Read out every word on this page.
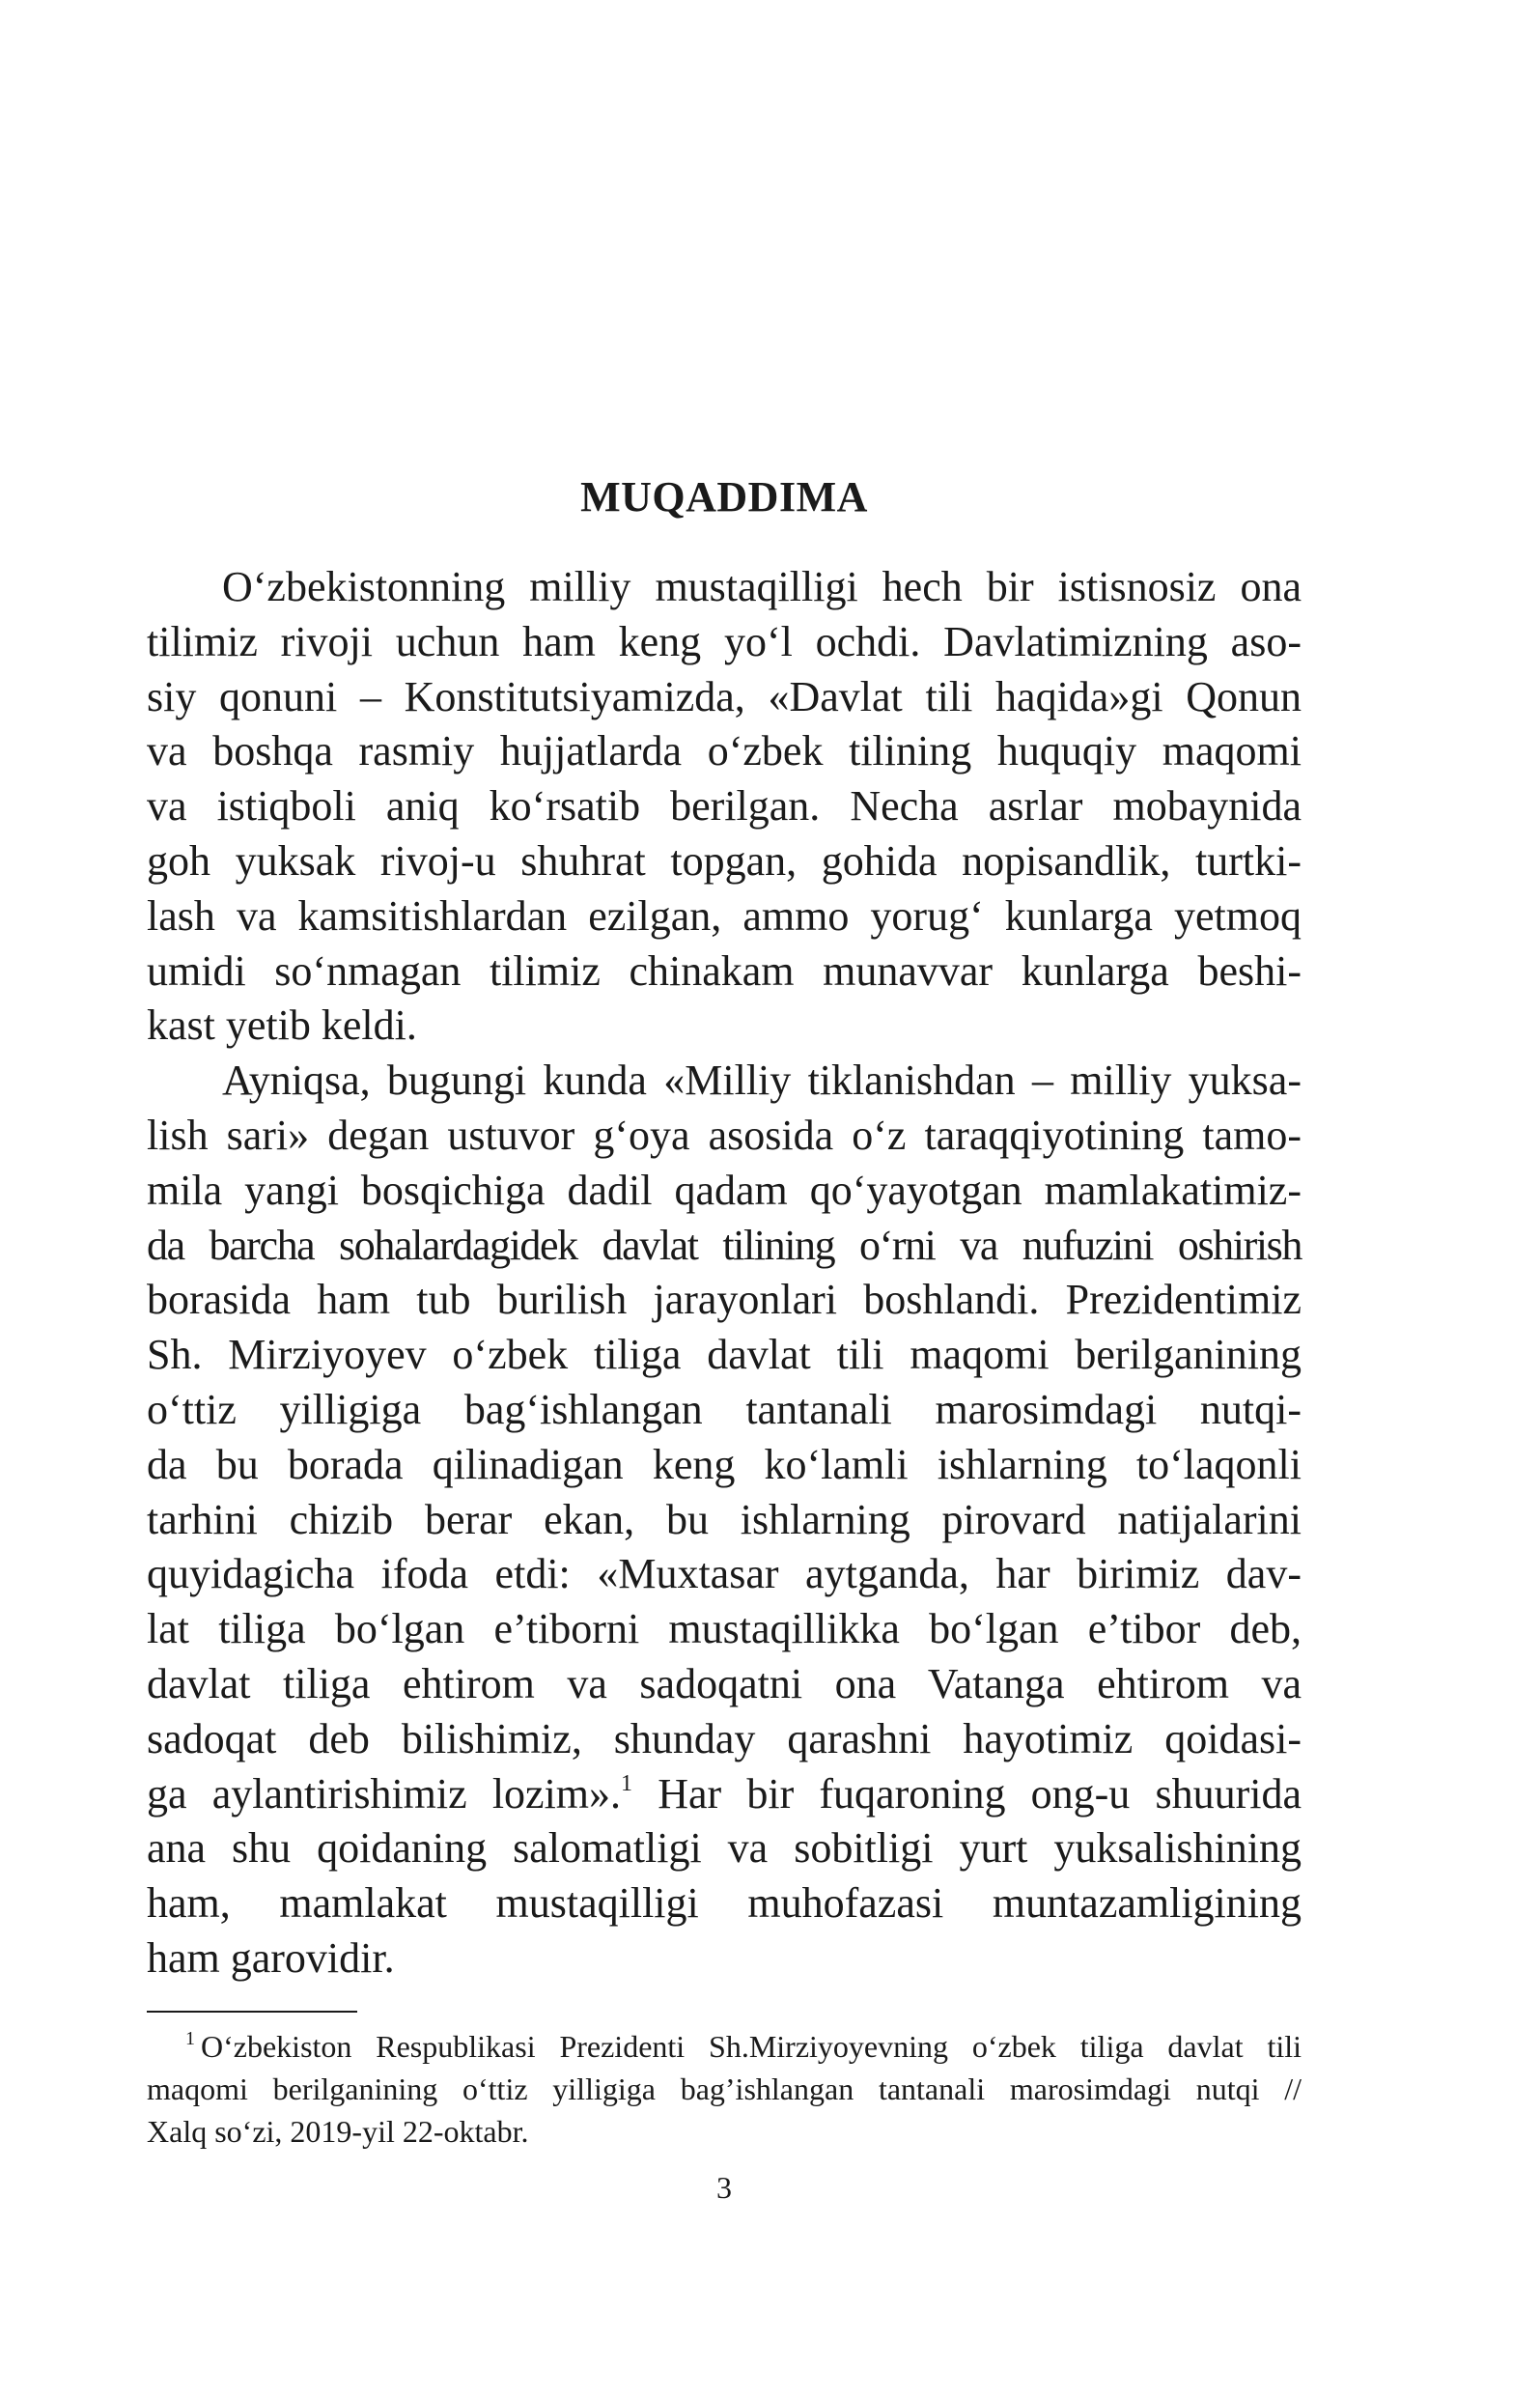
MUQADDIMA
O‘zbekistonning milliy mustaqilligi hech bir istisnosiz ona
tilimiz rivoji uchun ham keng yo‘l ochdi. Davlatimizning aso-
siy qonuni – Konstitutsiyamizda, «Davlat tili haqida»gi Qonun
va boshqa rasmiy hujjatlarda o‘zbek tilining huquqiy maqomi
va istiqboli aniq ko‘rsatib berilgan. Necha asrlar mobaynida
goh yuksak rivoj-u shuhrat topgan, gohida nopisandlik, turtki-
lash va kamsitishlardan ezilgan, ammo yorug‘ kunlarga yetmoq
umidi so‘nmagan tilimiz chinakam munavvar kunlarga beshi-
kast yetib keldi.
Ayniqsa, bugungi kunda «Milliy tiklanishdan – milliy yuksa-
lish sari» degan ustuvor g‘oya asosida o‘z taraqqiyotining tamo-
mila yangi bosqichiga dadil qadam qo‘yayotgan mamlakatimiz-
da barcha sohalardagidek davlat tilining o‘rni va nufuzini oshirish
borasida ham tub burilish jarayonlari boshlandi. Prezidentimiz
Sh. Mirziyoyev o‘zbek tiliga davlat tili maqomi berilganining
o‘ttiz yilligiga bag‘ishlangan tantanali marosimdagi nutqi-
da bu borada qilinadigan keng ko‘lamli ishlarning to‘laqonli
tarhini chizib berar ekan, bu ishlarning pirovard natijalarini
quyidagicha ifoda etdi: «Muxtasar aytganda, har birimiz dav-
lat tiliga bo‘lgan e’tiborni mustaqillikka bo‘lgan e’tibor deb,
davlat tiliga ehtirom va sadoqatni ona Vatanga ehtirom va
sadoqat deb bilishimiz, shunday qarashni hayotimiz qoidasi-
ga aylantirishimiz lozim».$^1$ Har bir fuqaroning ong-u shuurida
ana shu qoidaning salomatligi va sobitligi yurt yuksalishining
ham, mamlakat mustaqilligi muhofazasi muntazamligining
ham garovidir.
$^1$ O‘zbekiston Respublikasi Prezidenti Sh.Mirziyoyevning o‘zbek tiliga davlat tili
maqomi berilganining o‘ttiz yilligiga bag’ishlangan tantanali marosimdagi nutqi //
Xalq so‘zi, 2019-yil 22-oktabr.
3
